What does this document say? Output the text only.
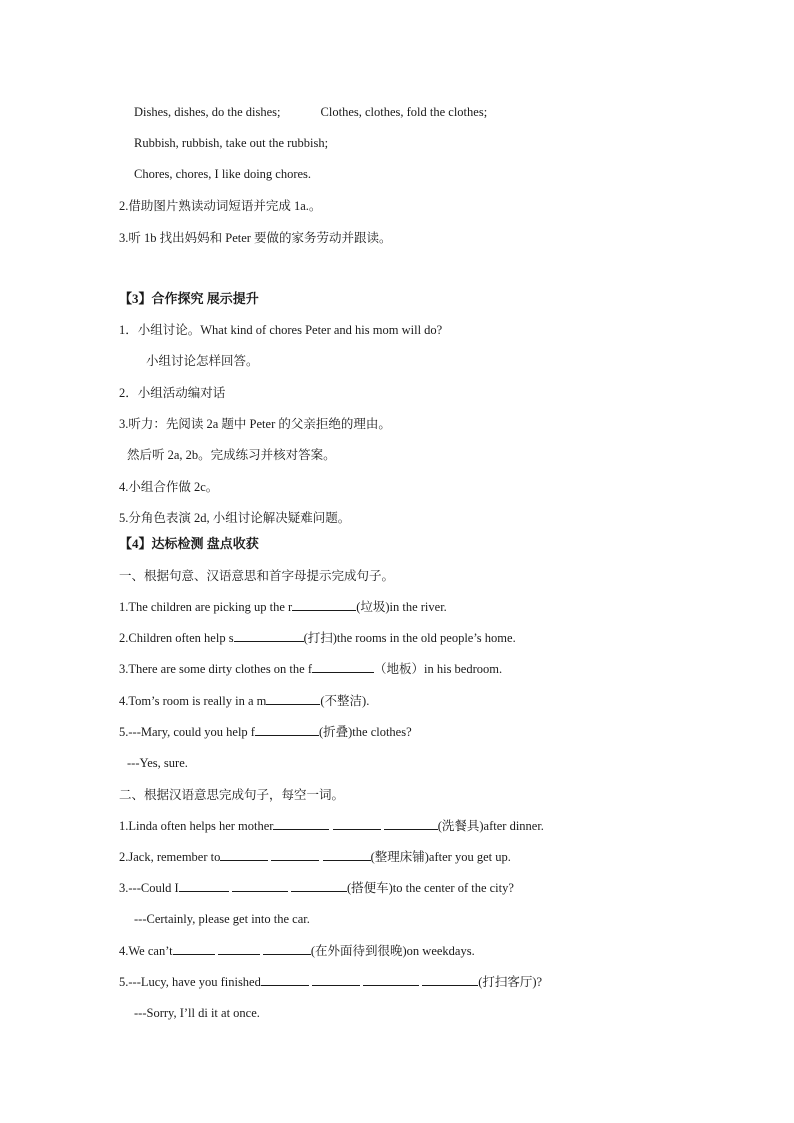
Dishes, dishes, do the dishes;	Clothes, clothes, fold the clothes;
Rubbish, rubbish, take out the rubbish;
Chores, chores, I like doing chores.
2.借助图片熟读动词短语并完成 1a.。
3.听 1b 找出妈妈和 Peter 要做的家务劳动并跟读。
【3】合作探究 展示提升
1．小组讨论。What kind of chores Peter and his mom will do?
小组讨论怎样回答。
2．小组活动编对话
3.听力：先阅读 2a 题中 Peter 的父亲拒绝的理由。
然后听 2a, 2b。完成练习并核对答案。
4.小组合作做 2c。
5.分角色表演 2d, 小组讨论解决疑难问题。
【4】达标检测 盘点收获
一、根据句意、汉语意思和首字母提示完成句子。
1.The children are picking up the r	(垃圾)in the river.
2.Children often help s	(打扫)the rooms in the old people’s home.
3.There are some dirty clothes on the f	（地板）in his bedroom.
4.Tom’s room is really in a m	(不整洁).
5.---Mary, could you help f	(折叠)the clothes?
---Yes, sure.
二、根据汉语意思完成句子，每空一词。
1.Linda often helps her mother	(洗餐具)after dinner.
2.Jack, remember to	(整理床铺)after you get up.
3.---Could I	(搭便车)to the center of the city?
---Certainly, please get into the car.
4.We can’t	(在外面待到很晚)on weekdays.
5.---Lucy, have you finished	(打扫客厅)?
---Sorry, I’ll di it at once.
